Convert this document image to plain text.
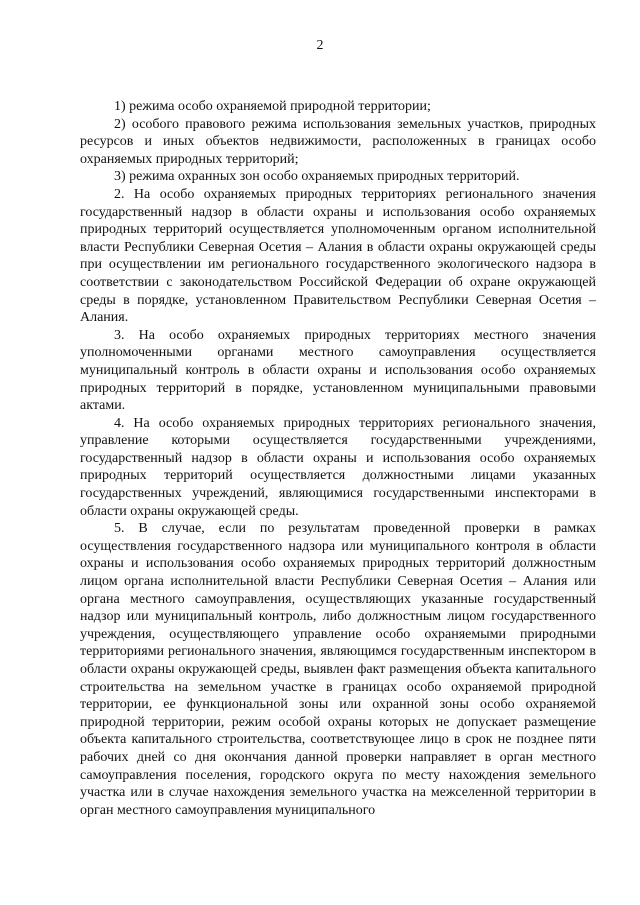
2

1) режима особо охраняемой природной территории;

2) особого правового режима использования земельных участков, природных ресурсов и иных объектов недвижимости, расположенных в границах особо охраняемых природных территорий;

3) режима охранных зон особо охраняемых природных территорий.

2. На особо охраняемых природных территориях регионального значения государственный надзор в области охраны и использования особо охраняемых природных территорий осуществляется уполномоченным органом исполнительной власти Республики Северная Осетия – Алания в области охраны окружающей среды при осуществлении им регионального государственного экологического надзора в соответствии с законодательством Российской Федерации об охране окружающей среды в порядке, установленном Правительством Республики Северная Осетия – Алания.

3. На особо охраняемых природных территориях местного значения уполномоченными органами местного самоуправления осуществляется муниципальный контроль в области охраны и использования особо охраняемых природных территорий в порядке, установленном муниципальными правовыми актами.

4. На особо охраняемых природных территориях регионального значения, управление которыми осуществляется государственными учреждениями, государственный надзор в области охраны и использования особо охраняемых природных территорий осуществляется должностными лицами указанных государственных учреждений, являющимися государственными инспекторами в области охраны окружающей среды.

5. В случае, если по результатам проведенной проверки в рамках осуществления государственного надзора или муниципального контроля в области охраны и использования особо охраняемых природных территорий должностным лицом органа исполнительной власти Республики Северная Осетия – Алания или органа местного самоуправления, осуществляющих указанные государственный надзор или муниципальный контроль, либо должностным лицом государственного учреждения, осуществляющего управление особо охраняемыми природными территориями регионального значения, являющимся государственным инспектором в области охраны окружающей среды, выявлен факт размещения объекта капитального строительства на земельном участке в границах особо охраняемой природной территории, ее функциональной зоны или охранной зоны особо охраняемой природной территории, режим особой охраны которых не допускает размещение объекта капитального строительства, соответствующее лицо в срок не позднее пяти рабочих дней со дня окончания данной проверки направляет в орган местного самоуправления поселения, городского округа по месту нахождения земельного участка или в случае нахождения земельного участка на межселенной территории в орган местного самоуправления муниципального
